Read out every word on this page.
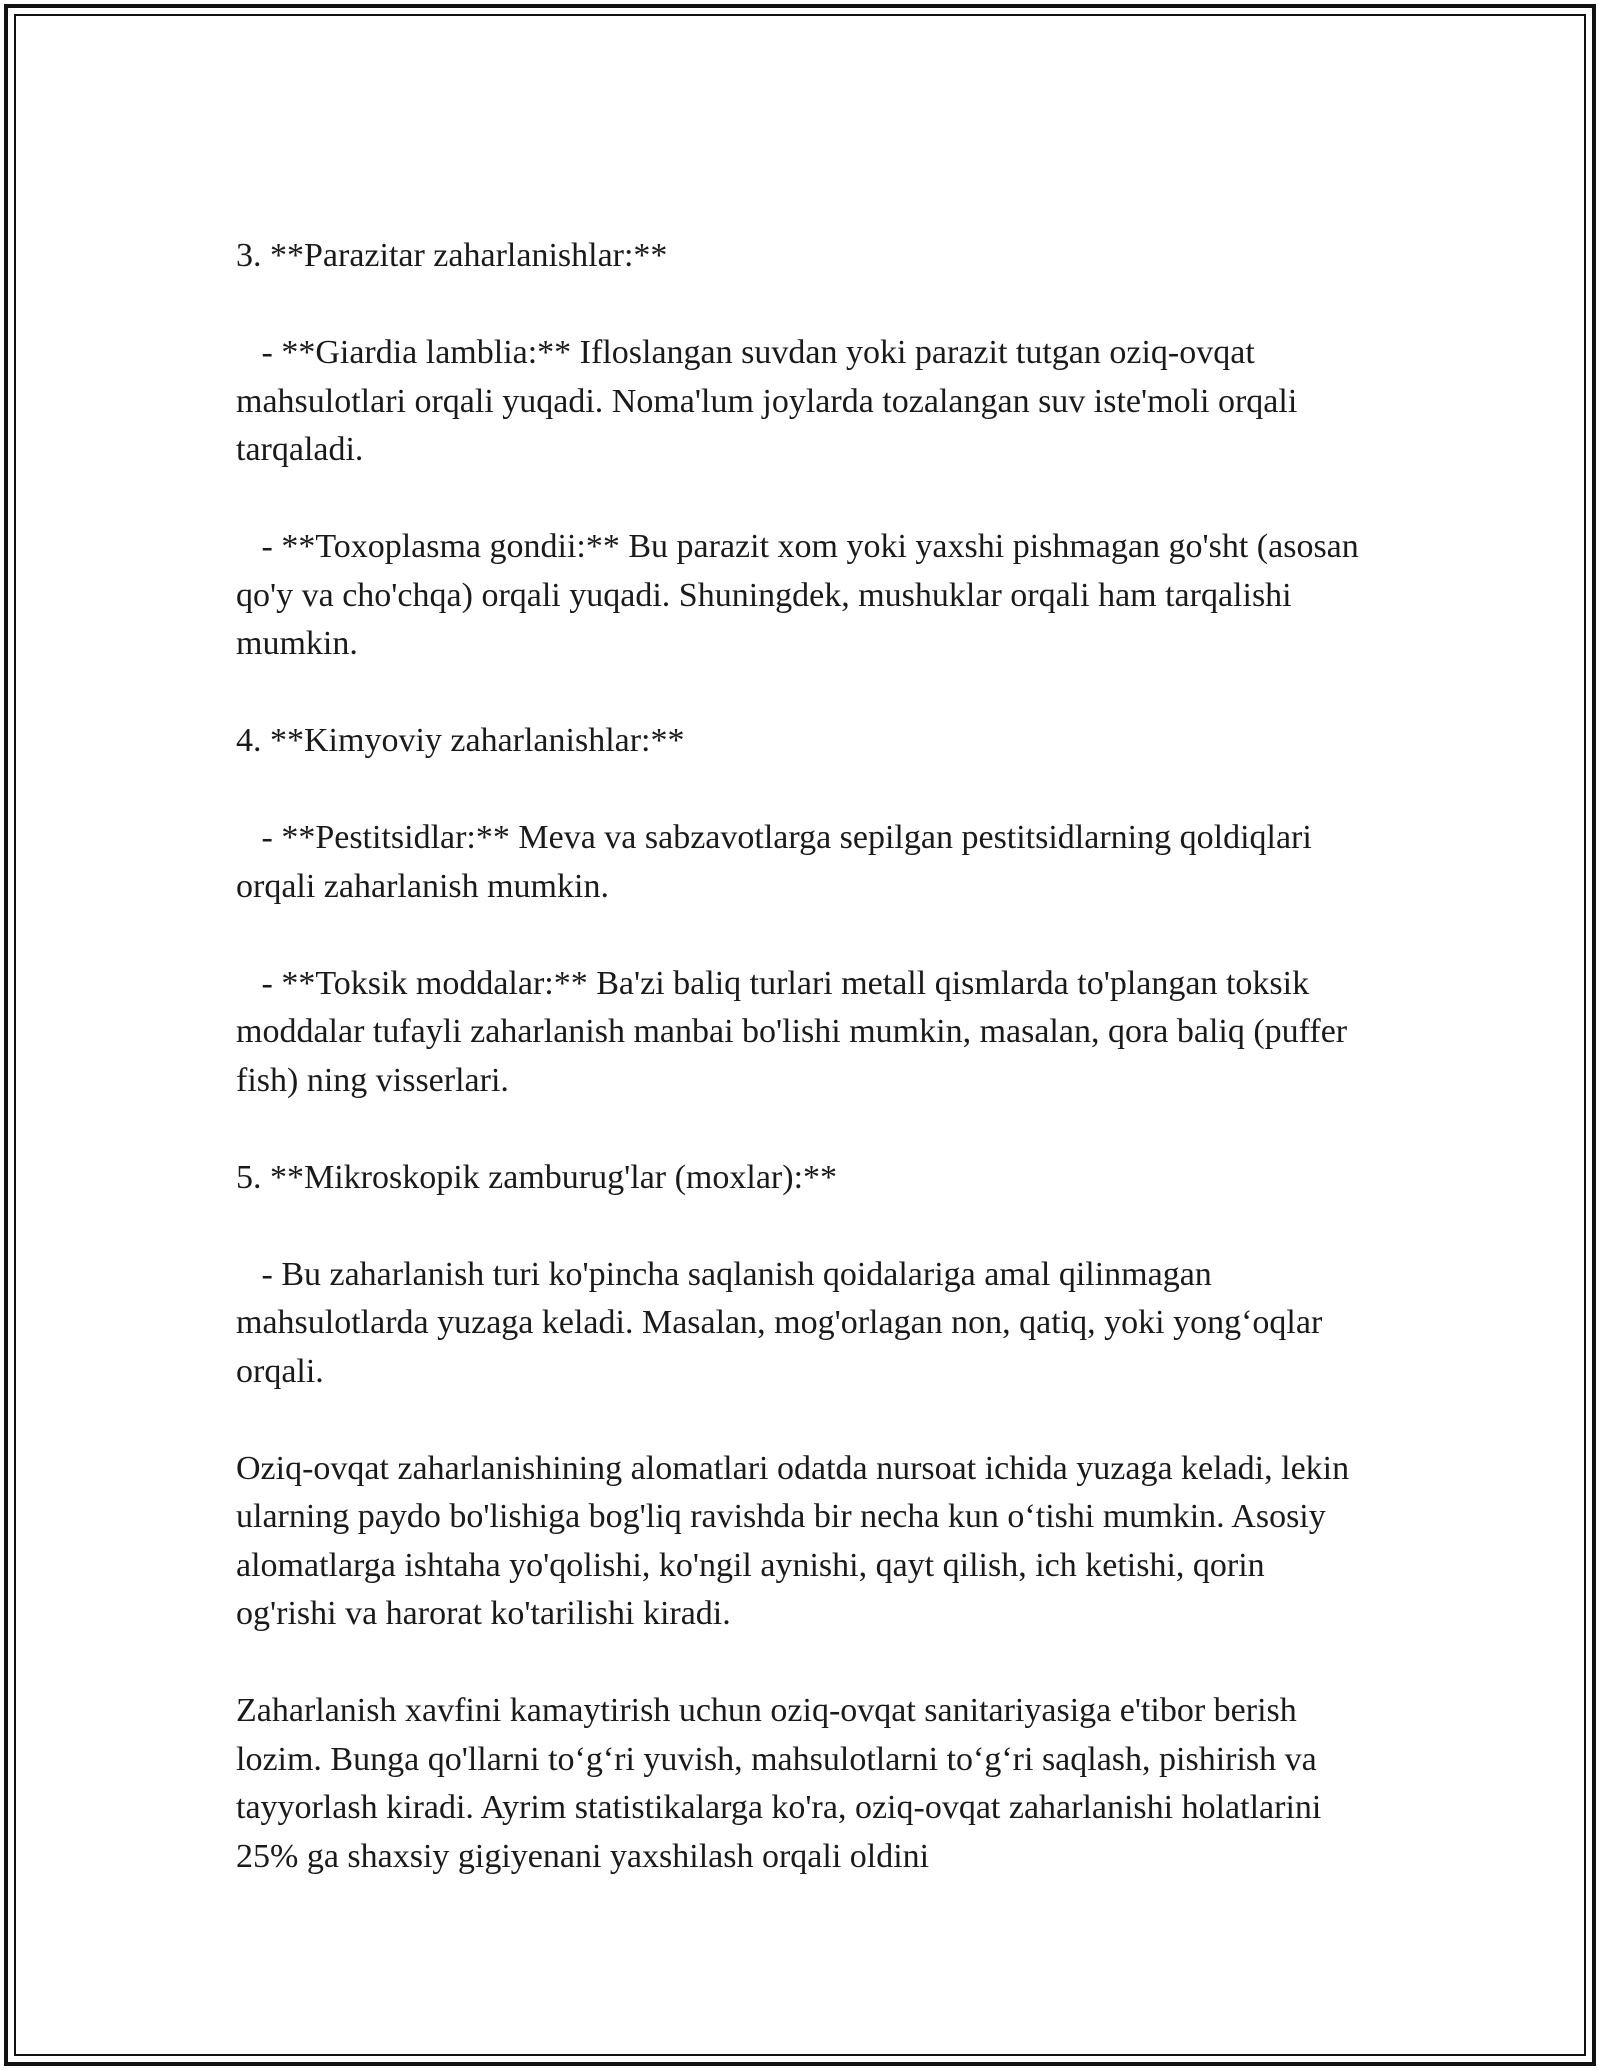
3. **Parazitar zaharlanishlar:**

- **Giardia lamblia:** Ifloslangan suvdan yoki parazit tutgan oziq-ovqat mahsulotlari orqali yuqadi. Noma'lum joylarda tozalangan suv iste'moli orqali tarqaladi.

- **Toxoplasma gondii:** Bu parazit xom yoki yaxshi pishmagan go'sht (asosan qo'y va cho'chqa) orqali yuqadi. Shuningdek, mushuklar orqali ham tarqalishi mumkin.

4. **Kimyoviy zaharlanishlar:**

- **Pestitsidlar:** Meva va sabzavotlarga sepilgan pestitsidlarning qoldiqlari orqali zaharlanish mumkin.

- **Toksik moddalar:** Ba'zi baliq turlari metall qismlarda to'plangan toksik moddalar tufayli zaharlanish manbai bo'lishi mumkin, masalan, qora baliq (puffer fish) ning visserlari.

5. **Mikroskopik zamburug'lar (moxlar):**

- Bu zaharlanish turi ko'pincha saqlanish qoidalariga amal qilinmagan mahsulotlarda yuzaga keladi. Masalan, mog'orlagan non, qatiq, yoki yong‘oqlar orqali.

Oziq-ovqat zaharlanishining alomatlari odatda nursoat ichida yuzaga keladi, lekin ularning paydo bo'lishiga bog'liq ravishda bir necha kun o‘tishi mumkin. Asosiy alomatlarga ishtaha yo'qolishi, ko'ngil aynishi, qayt qilish, ich ketishi, qorin og'rishi va harorat ko'tarilishi kiradi.

Zaharlanish xavfini kamaytirish uchun oziq-ovqat sanitariyasiga e'tibor berish lozim. Bunga qo'llarni to‘g‘ri yuvish, mahsulotlarni to‘g‘ri saqlash, pishirish va tayyorlash kiradi. Ayrim statistikalarga ko'ra, oziq-ovqat zaharlanishi holatlarini 25% ga shaxsiy gigiyenani yaxshilash orqali oldini
